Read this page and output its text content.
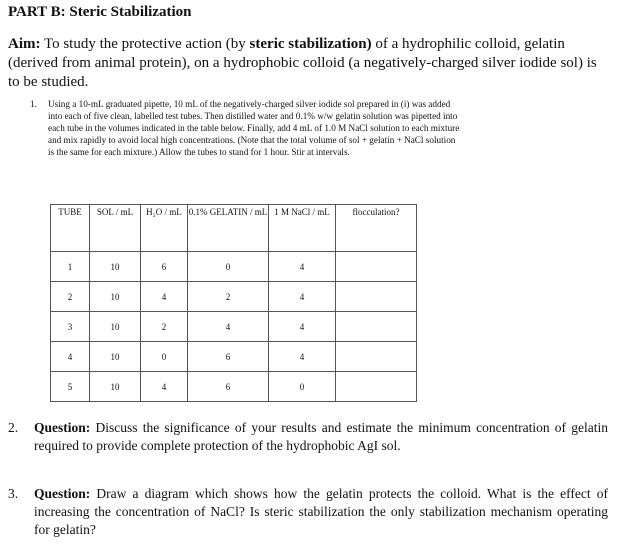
PART B: Steric Stabilization
Aim: To study the protective action (by steric stabilization) of a hydrophilic colloid, gelatin (derived from animal protein), on a hydrophobic colloid (a negatively-charged silver iodide sol) is to be studied.
1. Using a 10-mL graduated pipette, 10 mL of the negatively-charged silver iodide sol prepared in (i) was added into each of five clean, labelled test tubes. Then distilled water and 0.1% w/w gelatin solution was pipetted into each tube in the volumes indicated in the table below. Finally, add 4 mL of 1.0 M NaCl solution to each mixture and mix rapidly to avoid local high concentrations. (Note that the total volume of sol + gelatin + NaCl solution is the same for each mixture.) Allow the tubes to stand for 1 hour. Stir at intervals.
TUBE	SOL / mL	H₂O / mL	0.1% GELATIN / mL	1 M NaCl / mL	flocculation?
1	10	6	0	4	
2	10	4	2	4	
3	10	2	4	4	
4	10	0	6	4	
5	10	4	6	0	
2. Question: Discuss the significance of your results and estimate the minimum concentration of gelatin required to provide complete protection of the hydrophobic AgI sol.
3. Question: Draw a diagram which shows how the gelatin protects the colloid. What is the effect of increasing the concentration of NaCl? Is steric stabilization the only stabilization mechanism operating for gelatin?
